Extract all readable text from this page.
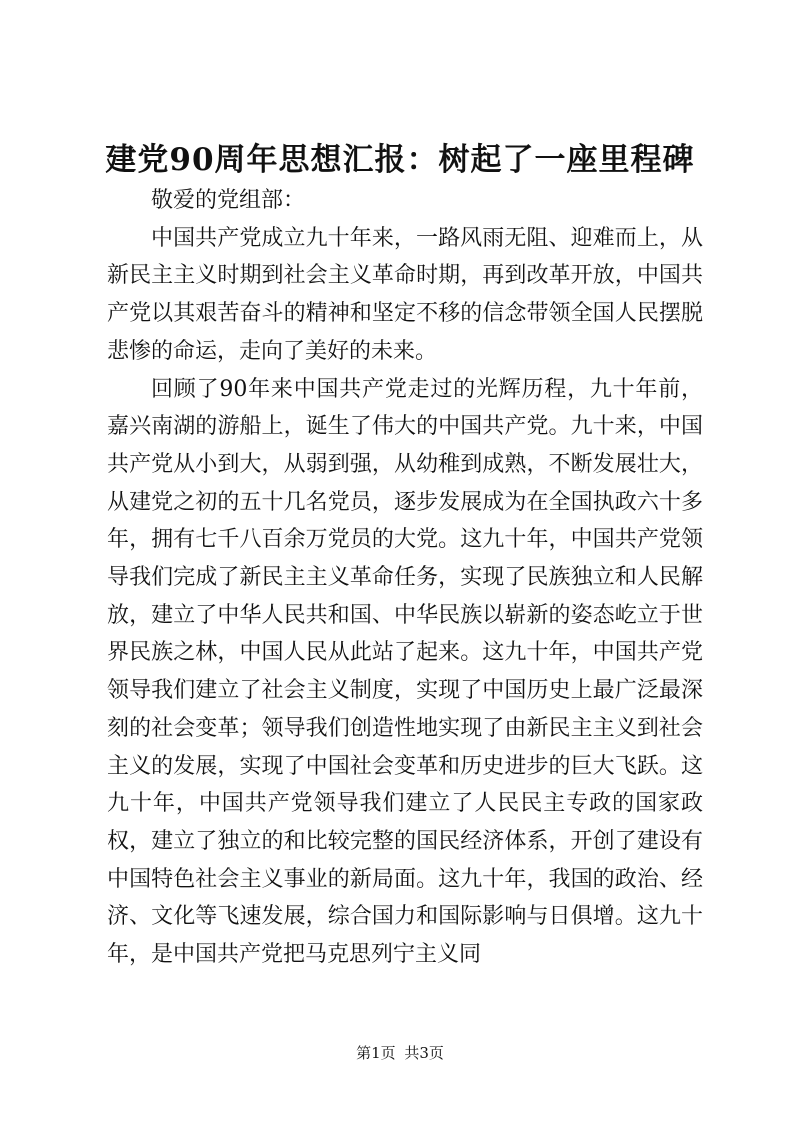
建党90周年思想汇报：树起了一座里程碑

敬爱的党组部：

中国共产党成立九十年来，一路风雨无阻、迎难而上，从新民主主义时期到社会主义革命时期，再到改革开放，中国共产党以其艰苦奋斗的精神和坚定不移的信念带领全国人民摆脱悲惨的命运，走向了美好的未来。

回顾了90年来中国共产党走过的光辉历程，九十年前，嘉兴南湖的游船上，诞生了伟大的中国共产党。九十来，中国共产党从小到大，从弱到强，从幼稚到成熟，不断发展壮大，从建党之初的五十几名党员，逐步发展成为在全国执政六十多年，拥有七千八百余万党员的大党。这九十年，中国共产党领导我们完成了新民主主义革命任务，实现了民族独立和人民解放，建立了中华人民共和国、中华民族以崭新的姿态屹立于世界民族之林，中国人民从此站了起来。这九十年，中国共产党领导我们建立了社会主义制度，实现了中国历史上最广泛最深刻的社会变革；领导我们创造性地实现了由新民主主义到社会主义的发展，实现了中国社会变革和历史进步的巨大飞跃。这九十年，中国共产党领导我们建立了人民民主专政的国家政权，建立了独立的和比较完整的国民经济体系，开创了建设有中国特色社会主义事业的新局面。这九十年，我国的政治、经济、文化等飞速发展，综合国力和国际影响与日俱增。这九十年，是中国共产党把马克思列宁主义同

第1页 共3页
